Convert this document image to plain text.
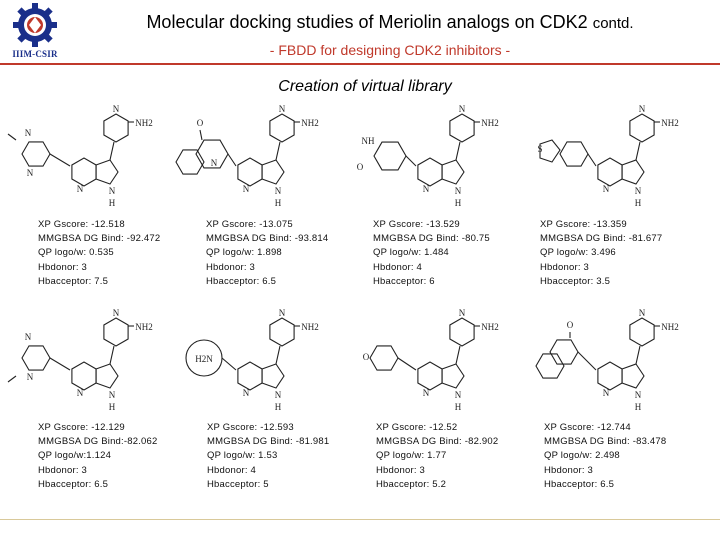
IIIM-CSIR
Molecular docking studies of Meriolin analogs on CDK2 contd.
- FBDD for designing CDK2 inhibitors -
Creation of virtual library
N
N
N
NH2
N	N
H
O
N
N
NH2
N	N
H
NH
O
N
NH2
N	N
H
S
N
NH2
N	N
H
N
N
N
NH2
N	N
H
H2N
N
NH2
N	N
H
O
N
NH2
N	N
H
O
N
NH2
N	N
H
XP Gscore: -12.518
MMGBSA DG Bind: -92.472
QP logo/w: 0.535
Hbdonor: 3
Hbacceptor: 7.5
XP Gscore: -13.075
MMGBSA DG Bind: -93.814
QP logo/w: 1.898
Hbdonor: 3
Hbacceptor: 6.5
XP Gscore: -13.529
MMGBSA DG Bind: -80.75
QP logo/w: 1.484
Hbdonor: 4
Hbacceptor: 6
XP Gscore: -13.359
MMGBSA DG Bind: -81.677
QP logo/w: 3.496
Hbdonor: 3
Hbacceptor: 3.5
XP Gscore: -12.129
MMGBSA DG Bind:-82.062
QP logo/w:1.124
Hbdonor: 3
Hbacceptor: 6.5
XP Gscore: -12.593
MMGBSA DG Bind: -81.981
QP logo/w: 1.53
Hbdonor: 4
Hbacceptor: 5
XP Gscore: -12.52
MMGBSA DG Bind: -82.902
QP logo/w: 1.77
Hbdonor: 3
Hbacceptor: 5.2
XP Gscore: -12.744
MMGBSA DG Bind: -83.478
QP logo/w: 2.498
Hbdonor: 3
Hbacceptor: 6.5
